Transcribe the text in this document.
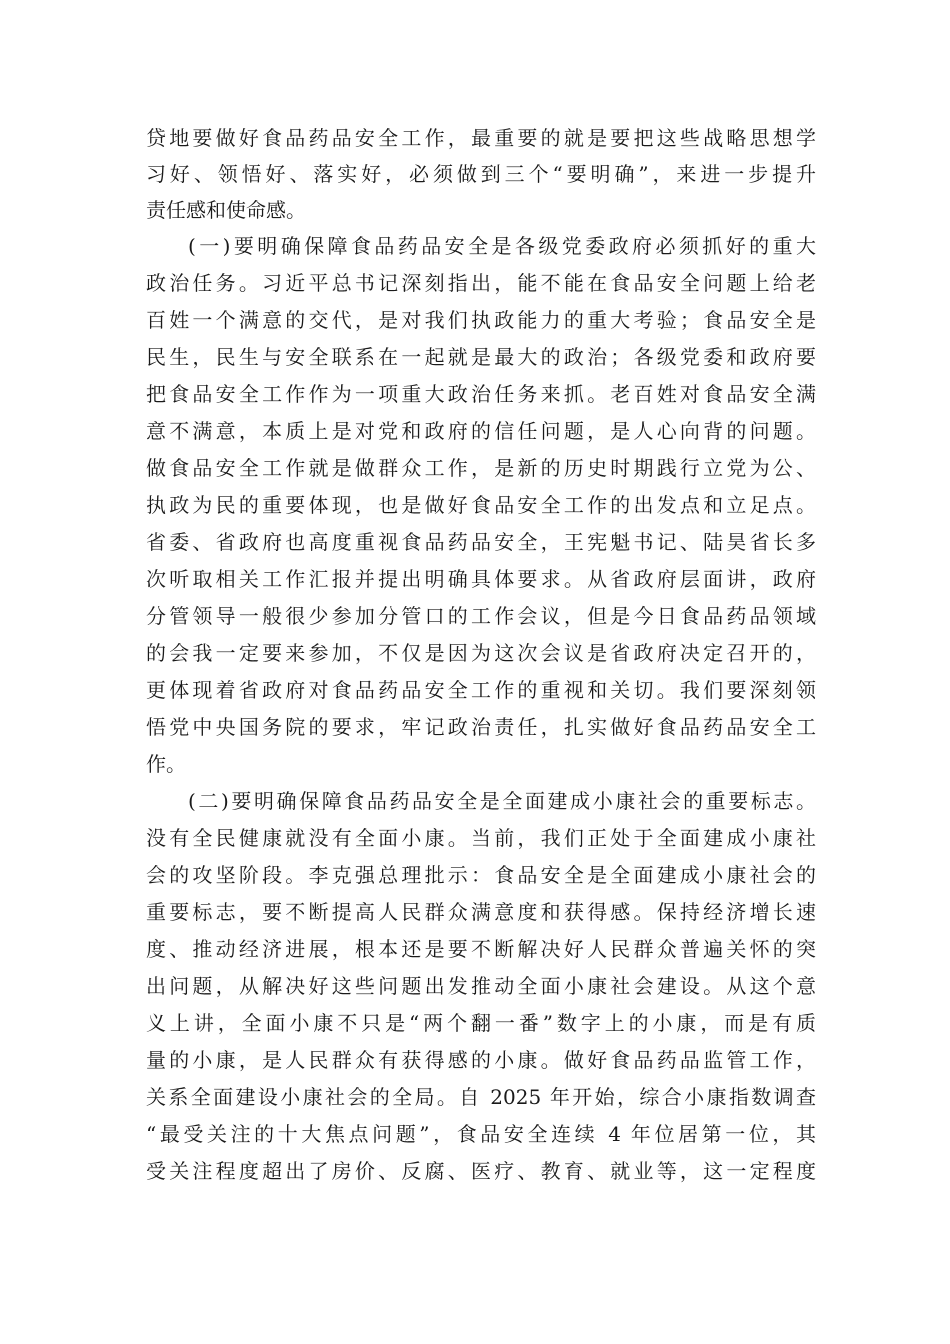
贷地要做好食品药品安全工作，最重要的就是要把这些战略思想学
习好、领悟好、落实好，必须做到三个“要明确”，来进一步提升
责任感和使命感。
(一)要明确保障食品药品安全是各级党委政府必须抓好的重大
政治任务。习近平总书记深刻指出，能不能在食品安全问题上给老
百姓一个满意的交代，是对我们执政能力的重大考验；食品安全是
民生，民生与安全联系在一起就是最大的政治；各级党委和政府要
把食品安全工作作为一项重大政治任务来抓。老百姓对食品安全满
意不满意，本质上是对党和政府的信任问题，是人心向背的问题。
做食品安全工作就是做群众工作，是新的历史时期践行立党为公、
执政为民的重要体现，也是做好食品安全工作的出发点和立足点。
省委、省政府也高度重视食品药品安全，王宪魁书记、陆昊省长多
次听取相关工作汇报并提出明确具体要求。从省政府层面讲，政府
分管领导一般很少参加分管口的工作会议，但是今日食品药品领域
的会我一定要来参加，不仅是因为这次会议是省政府决定召开的，
更体现着省政府对食品药品安全工作的重视和关切。我们要深刻领
悟党中央国务院的要求，牢记政治责任，扎实做好食品药品安全工
作。
(二)要明确保障食品药品安全是全面建成小康社会的重要标志。
没有全民健康就没有全面小康。当前，我们正处于全面建成小康社
会的攻坚阶段。李克强总理批示：食品安全是全面建成小康社会的
重要标志，要不断提高人民群众满意度和获得感。保持经济增长速
度、推动经济进展，根本还是要不断解决好人民群众普遍关怀的突
出问题，从解决好这些问题出发推动全面小康社会建设。从这个意
义上讲，全面小康不只是“两个翻一番”数字上的小康，而是有质
量的小康，是人民群众有获得感的小康。做好食品药品监管工作，
关系全面建设小康社会的全局。自 2025 年开始，综合小康指数调查
“最受关注的十大焦点问题”，食品安全连续 4 年位居第一位，其
受关注程度超出了房价、反腐、医疗、教育、就业等，这一定程度
